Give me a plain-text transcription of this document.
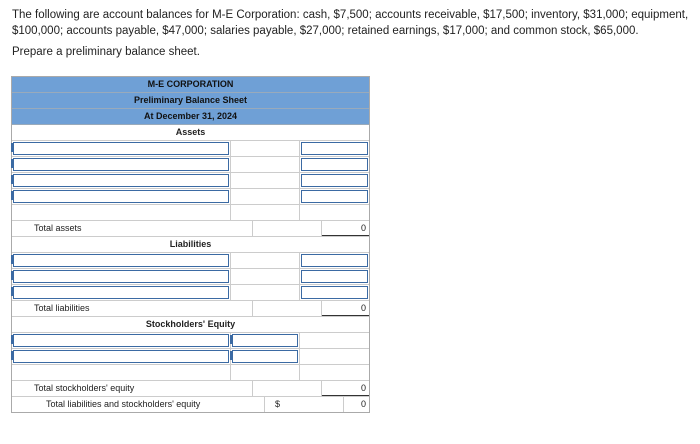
The following are account balances for M-E Corporation: cash, $7,500; accounts receivable, $17,500; inventory, $31,000; equipment, $100,000; accounts payable, $47,000; salaries payable, $27,000; retained earnings, $17,000; and common stock, $65,000.
Prepare a preliminary balance sheet.
M-E CORPORATION
Preliminary Balance Sheet
At December 31, 2024
Assets
Total assets	0
Liabilities
Total liabilities	0
Stockholders' Equity
Total stockholders' equity	0
Total liabilities and stockholders' equity	$	0
